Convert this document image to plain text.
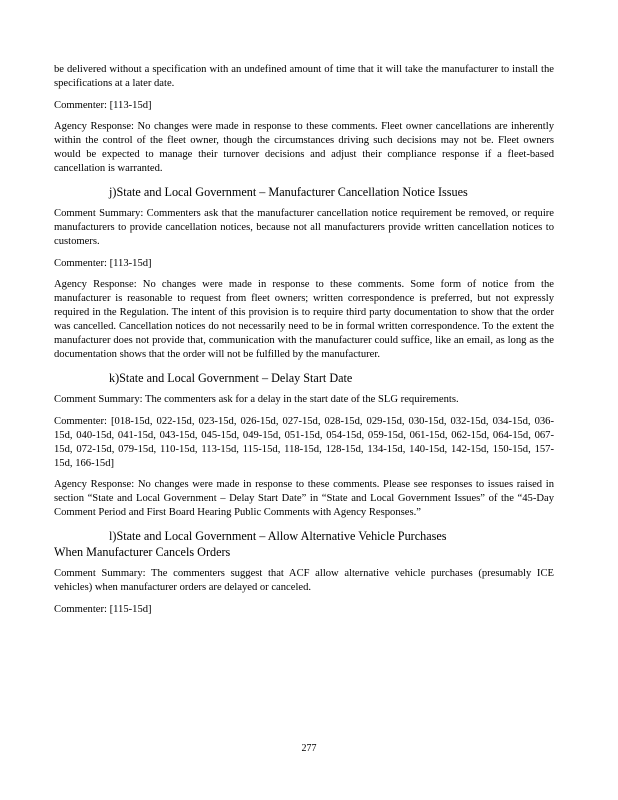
be delivered without a specification with an undefined amount of time that it will take the manufacturer to install the specifications at a later date.

Commenter: [113-15d]

Agency Response: No changes were made in response to these comments. Fleet owner cancellations are inherently within the control of the fleet owner, though the circumstances driving such decisions may not be. Fleet owners would be expected to manage their turnover decisions and adjust their compliance response if a fleet-based cancellation is warranted.

j)State and Local Government – Manufacturer Cancellation Notice Issues

Comment Summary: Commenters ask that the manufacturer cancellation notice requirement be removed, or require manufacturers to provide cancellation notices, because not all manufacturers provide written cancellation notices to customers.

Commenter: [113-15d]

Agency Response: No changes were made in response to these comments. Some form of notice from the manufacturer is reasonable to request from fleet owners; written correspondence is preferred, but not expressly required in the Regulation. The intent of this provision is to require third party documentation to show that the order was cancelled. Cancellation notices do not necessarily need to be in formal written correspondence. To the extent the manufacturer does not provide that, communication with the manufacturer could suffice, like an email, as long as the documentation shows that the order will not be fulfilled by the manufacturer.

k)State and Local Government – Delay Start Date

Comment Summary: The commenters ask for a delay in the start date of the SLG requirements.

Commenter: [018-15d, 022-15d, 023-15d, 026-15d, 027-15d, 028-15d, 029-15d, 030-15d, 032-15d, 034-15d, 036-15d, 040-15d, 041-15d, 043-15d, 045-15d, 049-15d, 051-15d, 054-15d, 059-15d, 061-15d, 062-15d, 064-15d, 067-15d, 072-15d, 079-15d, 110-15d, 113-15d, 115-15d, 118-15d, 128-15d, 134-15d, 140-15d, 142-15d, 150-15d, 157-15d, 166-15d]

Agency Response: No changes were made in response to these comments. Please see responses to issues raised in section “State and Local Government – Delay Start Date” in “State and Local Government Issues” of the “45-Day Comment Period and First Board Hearing Public Comments with Agency Responses.”

l)State and Local Government – Allow Alternative Vehicle Purchases
When Manufacturer Cancels Orders

Comment Summary: The commenters suggest that ACF allow alternative vehicle purchases (presumably ICE vehicles) when manufacturer orders are delayed or canceled.

Commenter: [115-15d]

277
